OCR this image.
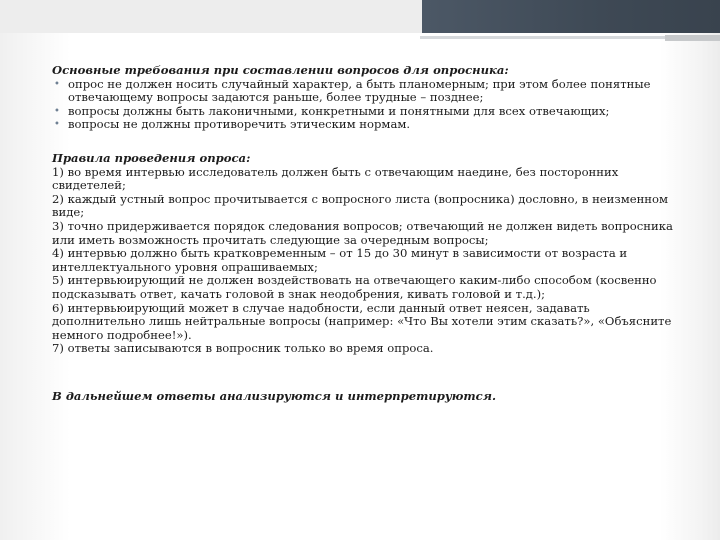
Основные требования при составлении вопросов для опросника:

• опрос не должен носить случайный характер, а быть планомерным; при этом более понятные отвечающему вопросы задаются раньше, более трудные – позднее;
• вопросы должны быть лаконичными, конкретными и понятными для всех отвечающих;
• вопросы не должны противоречить этическим нормам.

Правила проведения опроса:

1) во время интервью исследователь должен быть с отвечающим наедине, без посторонних свидетелей;

2) каждый устный вопрос прочитывается с вопросного листа (вопросника) дословно, в неизменном виде;

3) точно придерживается порядок следования вопросов; отвечающий не должен видеть вопросника или иметь возможность прочитать следующие за очередным вопросы;

4) интервью должно быть кратковременным – от 15 до 30 минут в зависимости от возраста и интеллектуального уровня опрашиваемых;

5) интервьюирующий не должен воздействовать на отвечающего каким-либо способом (косвенно подсказывать ответ, качать головой в знак неодобрения, кивать головой и т.д.);

6) интервьюирующий может в случае надобности, если данный ответ неясен, задавать дополнительно лишь нейтральные вопросы (например: «Что Вы хотели этим сказать?», «Объясните немного подробнее!»).

7) ответы записываются в вопросник только во время опроса.

В дальнейшем ответы анализируются и интерпретируются.
